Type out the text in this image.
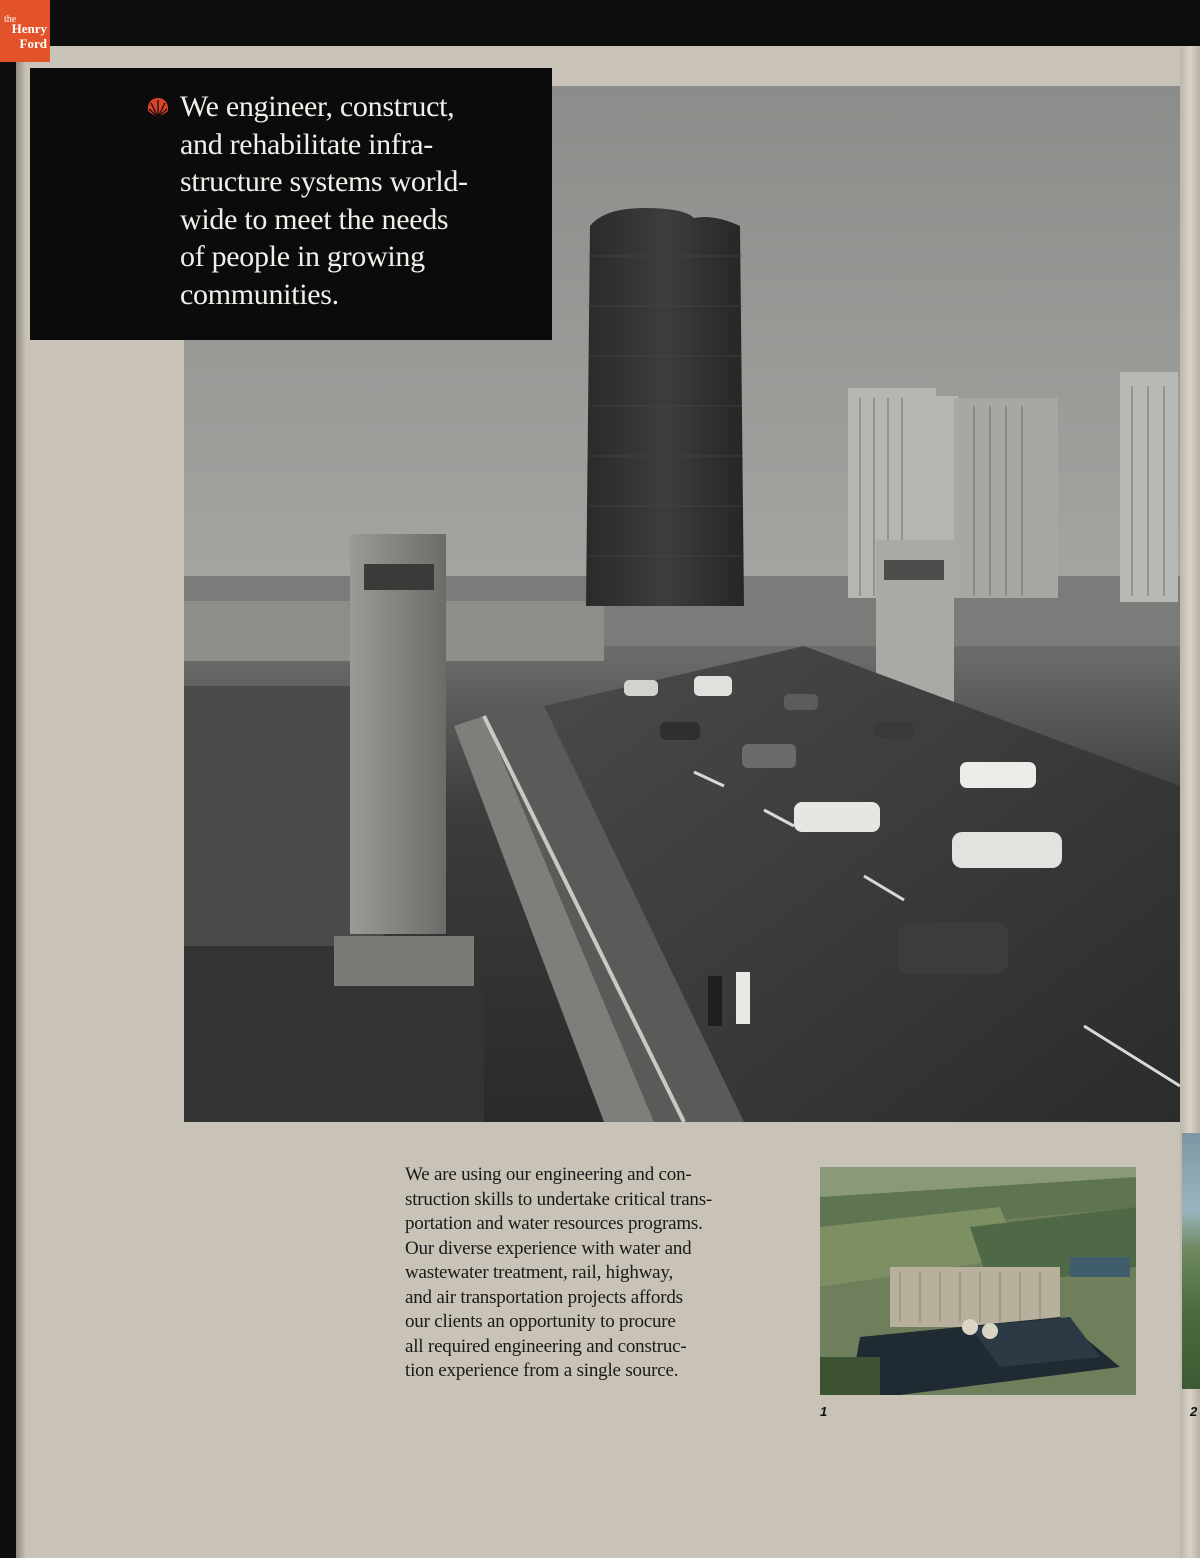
the
Henry
Ford
We engineer, construct,
and rehabilitate infra-
structure systems world-
wide to meet the needs
of people in growing
communities.
We are using our engineering and con-
struction skills to undertake critical trans-
portation and water resources programs.
Our diverse experience with water and
wastewater treatment, rail, highway,
and air transportation projects affords
our clients an opportunity to procure
all required engineering and construc-
tion experience from a single source.
1	2
